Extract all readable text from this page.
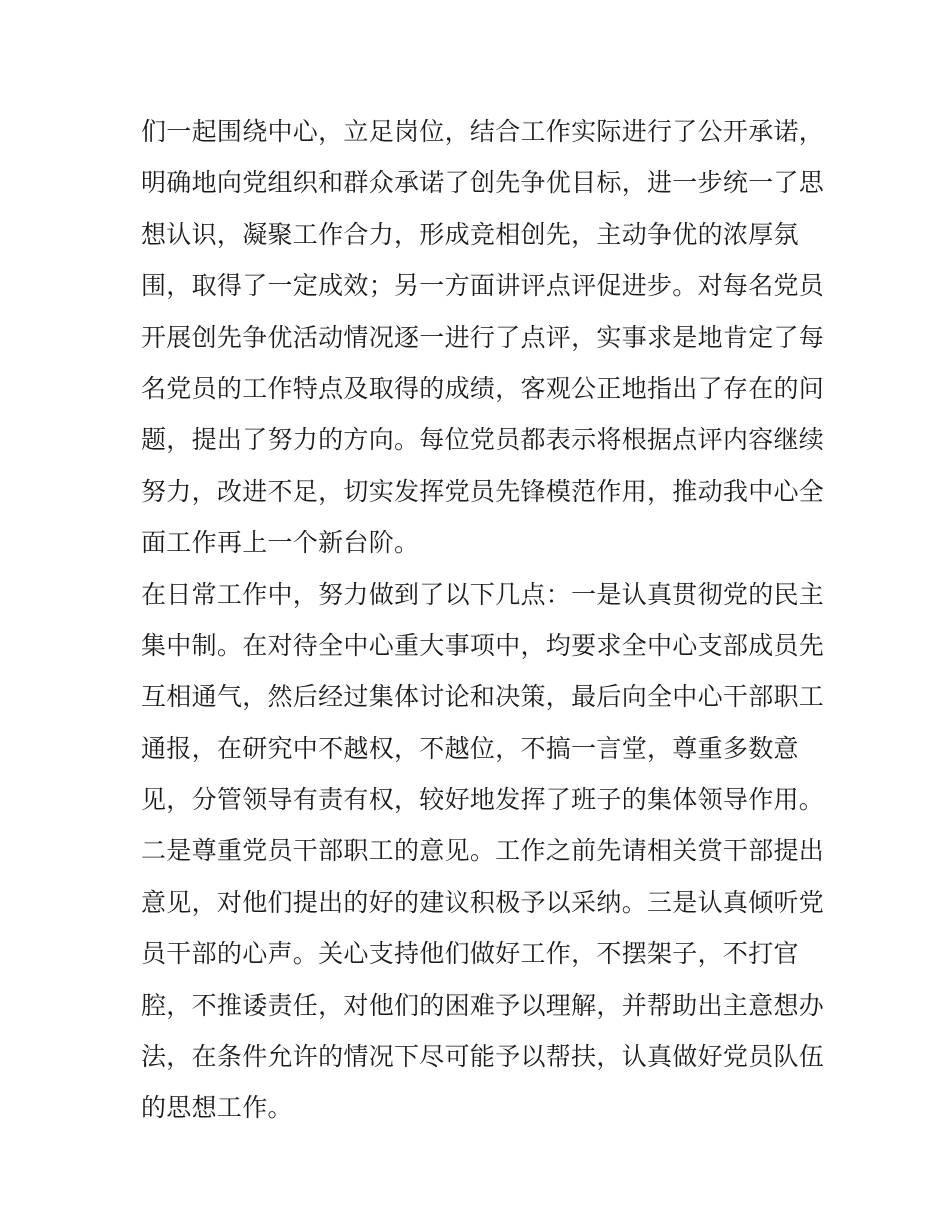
们一起围绕中心，立足岗位，结合工作实际进行了公开承诺，
明确地向党组织和群众承诺了创先争优目标，进一步统一了思
想认识，凝聚工作合力，形成竞相创先，主动争优的浓厚氛
围，取得了一定成效；另一方面讲评点评促进步。对每名党员
开展创先争优活动情况逐一进行了点评，实事求是地肯定了每
名党员的工作特点及取得的成绩，客观公正地指出了存在的问
题，提出了努力的方向。每位党员都表示将根据点评内容继续
努力，改进不足，切实发挥党员先锋模范作用，推动我中心全
面工作再上一个新台阶。
在日常工作中，努力做到了以下几点：一是认真贯彻党的民主
集中制。在对待全中心重大事项中，均要求全中心支部成员先
互相通气，然后经过集体讨论和决策，最后向全中心干部职工
通报，在研究中不越权，不越位，不搞一言堂，尊重多数意
见，分管领导有责有权，较好地发挥了班子的集体领导作用。
二是尊重党员干部职工的意见。工作之前先请相关赏干部提出
意见，对他们提出的好的建议积极予以采纳。三是认真倾听党
员干部的心声。关心支持他们做好工作，不摆架子，不打官
腔，不推诿责任，对他们的困难予以理解，并帮助出主意想办
法，在条件允许的情况下尽可能予以帮扶，认真做好党员队伍
的思想工作。
